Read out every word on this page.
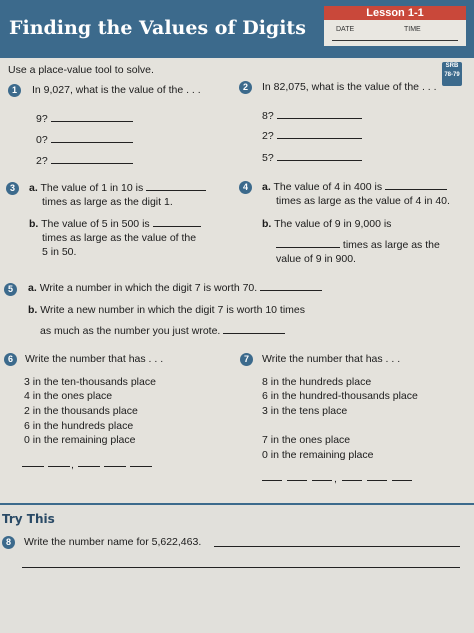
Finding the Values of Digits
Lesson 1-1
DATE	TIME
SRB
78-79
Use a place-value tool to solve.
1	In 9,027, what is the value of the . . .
9?
0?
2?
2	In 82,075, what is the value of the . . .
8?
2?
5?
3	a. The value of 1 in 10 is
times as large as the digit 1.
b. The value of 5 in 500 is
times as large as the value of the
5 in 50.
4	a. The value of 4 in 400 is
times as large as the value of 4 in 40.
b. The value of 9 in 9,000 is
times as large as the
value of 9 in 900.
5	a. Write a number in which the digit 7 is worth 70.
b. Write a new number in which the digit 7 is worth 10 times
as much as the number you just wrote.
6	Write the number that has . . .
3 in the ten-thousands place
4 in the ones place
2 in the thousands place
6 in the hundreds place
0 in the remaining place
,
7	Write the number that has . . .
8 in the hundreds place
6 in the hundred-thousands place
3 in the tens place
7 in the ones place
0 in the remaining place
,
Try This
8	Write the number name for 5,622,463.
